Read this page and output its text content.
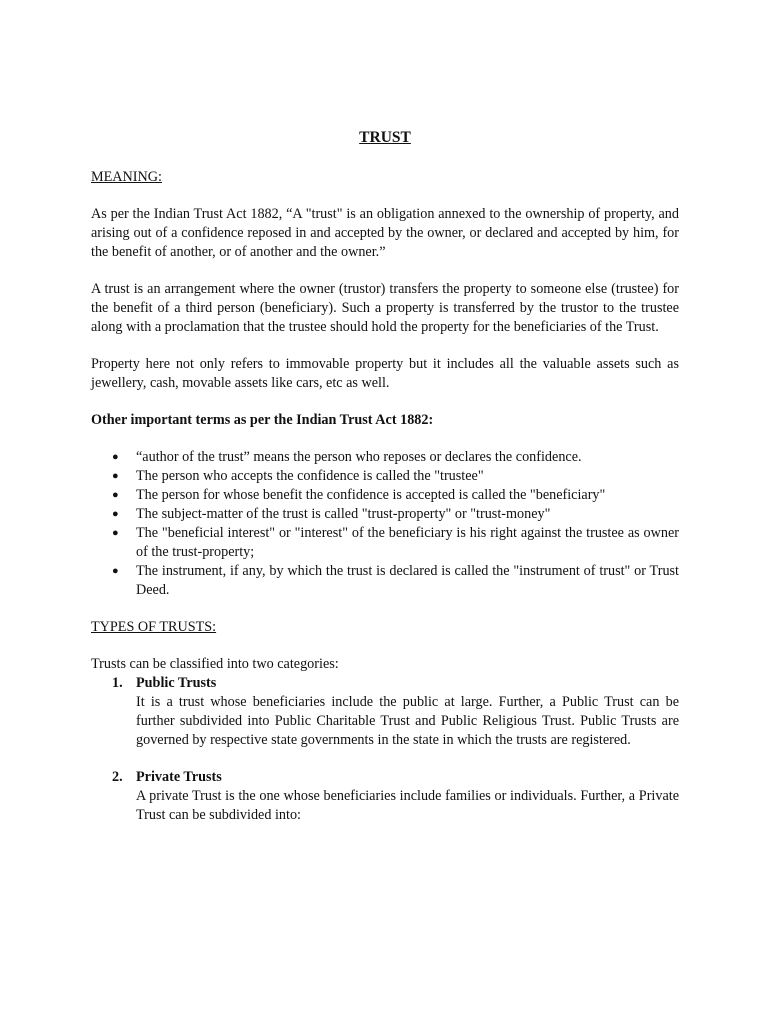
TRUST
MEANING:

As per the Indian Trust Act 1882, “A "trust" is an obligation annexed to the ownership of property, and arising out of a confidence reposed in and accepted by the owner, or declared and accepted by him, for the benefit of another, or of another and the owner.”

A trust is an arrangement where the owner (trustor) transfers the property to someone else (trustee) for the benefit of a third person (beneficiary). Such a property is transferred by the trustor to the trustee along with a proclamation that the trustee should hold the property for the beneficiaries of the Trust.

Property here not only refers to immovable property but it includes all the valuable assets such as jewellery, cash, movable assets like cars, etc as well.

Other important terms as per the Indian Trust Act 1882:
● “author of the trust” means the person who reposes or declares the confidence.
● The person who accepts the confidence is called the "trustee"
● The person for whose benefit the confidence is accepted is called the "beneficiary"
● The subject-matter of the trust is called "trust-property" or "trust-money"
● The "beneficial interest" or "interest" of the beneficiary is his right against the trustee as owner of the trust-property;
● The instrument, if any, by which the trust is declared is called the "instrument of trust" or Trust Deed.
TYPES OF TRUSTS:

Trusts can be classified into two categories:

1. Public Trusts
It is a trust whose beneficiaries include the public at large. Further, a Public Trust can be further subdivided into Public Charitable Trust and Public Religious Trust. Public Trusts are governed by respective state governments in the state in which the trusts are registered.
2. Private Trusts
A private Trust is the one whose beneficiaries include families or individuals. Further, a Private Trust can be subdivided into:
